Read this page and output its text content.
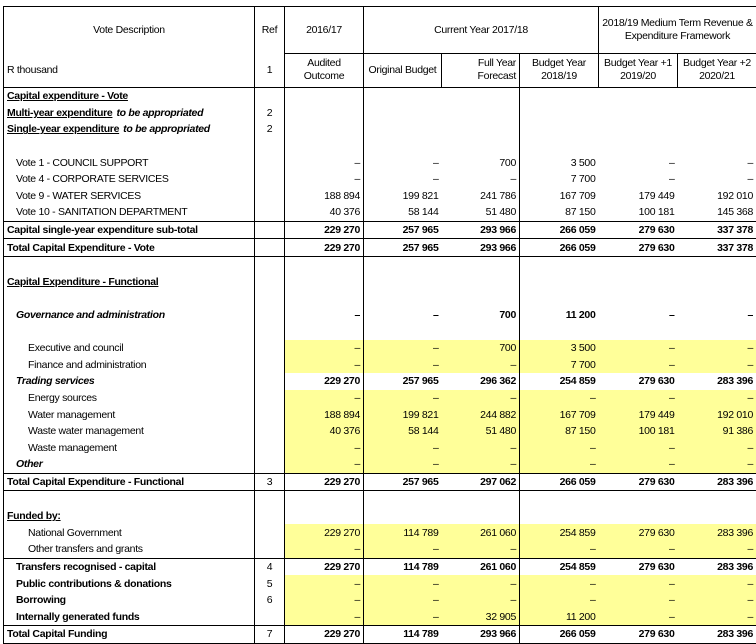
Vote Description	Ref	2016/17	Current Year 2017/18			2018/19 Medium Term Revenue & Expenditure Framework	
R thousand	1	Audited Outcome	Original Budget	Full Year Forecast	Budget Year 2018/19	Budget Year +1 2019/20	Budget Year +2 2020/21
Capital expenditure - Vote							
Multi-year expenditure to be appropriated	2						
Single-year expenditure to be appropriated	2						

Vote 1 - COUNCIL SUPPORT		–	–	700	3 500	–	–
Vote 4 - CORPORATE SERVICES		–	–	–	7 700	–	–
Vote 9 - WATER SERVICES		188 894	199 821	241 786	167 709	179 449	192 010
Vote 10 - SANITATION DEPARTMENT		40 376	58 144	51 480	87 150	100 181	145 368
Capital single-year expenditure sub-total		229 270	257 965	293 966	266 059	279 630	337 378
Total Capital Expenditure - Vote		229 270	257 965	293 966	266 059	279 630	337 378

Capital Expenditure - Functional							

Governance and administration		–	–	700	11 200	–	–

Executive and council		–	–	700	3 500	–	–
Finance and administration		–	–	–	7 700	–	–
Trading services		229 270	257 965	296 362	254 859	279 630	283 396
Energy sources		–	–	–	–	–	–
Water management		188 894	199 821	244 882	167 709	179 449	192 010
Waste water management		40 376	58 144	51 480	87 150	100 181	91 386
Waste management		–	–	–	–	–	–
Other		–	–	–	–	–	–
Total Capital Expenditure - Functional	3	229 270	257 965	297 062	266 059	279 630	283 396

Funded by:							
National Government		229 270	114 789	261 060	254 859	279 630	283 396
Other transfers and grants		–	–	–	–	–	–
Transfers recognised - capital	4	229 270	114 789	261 060	254 859	279 630	283 396
Public contributions & donations	5	–	–	–	–	–	–
Borrowing	6	–	–	–	–	–	–
Internally generated funds		–	–	32 905	11 200	–	–
Total Capital Funding	7	229 270	114 789	293 966	266 059	279 630	283 396
